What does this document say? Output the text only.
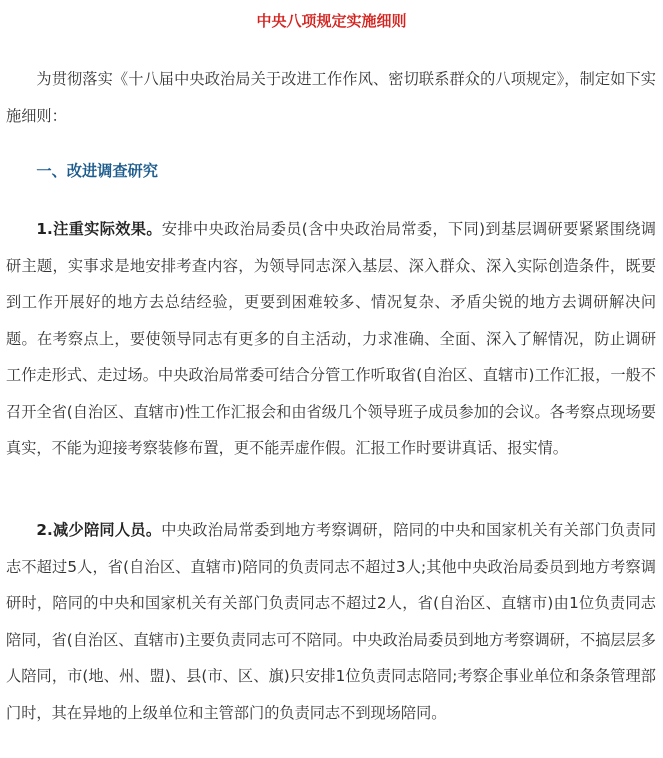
中央八项规定实施细则

为贯彻落实《十八届中央政治局关于改进工作作风、密切联系群众的八项规定》，制定如下实施细则：

一、改进调查研究

1.注重实际效果。安排中央政治局委员(含中央政治局常委，下同)到基层调研要紧紧围绕调研主题，实事求是地安排考查内容，为领导同志深入基层、深入群众、深入实际创造条件，既要到工作开展好的地方去总结经验，更要到困难较多、情况复杂、矛盾尖锐的地方去调研解决问题。在考察点上，要使领导同志有更多的自主活动，力求准确、全面、深入了解情况，防止调研工作走形式、走过场。中央政治局常委可结合分管工作听取省(自治区、直辖市)工作汇报，一般不召开全省(自治区、直辖市)性工作汇报会和由省级几个领导班子成员参加的会议。各考察点现场要真实，不能为迎接考察装修布置，更不能弄虚作假。汇报工作时要讲真话、报实情。

2.减少陪同人员。中央政治局常委到地方考察调研，陪同的中央和国家机关有关部门负责同志不超过5人，省(自治区、直辖市)陪同的负责同志不超过3人;其他中央政治局委员到地方考察调研时，陪同的中央和国家机关有关部门负责同志不超过2人，省(自治区、直辖市)由1位负责同志陪同，省(自治区、直辖市)主要负责同志可不陪同。中央政治局委员到地方考察调研，不搞层层多人陪同，市(地、州、盟)、县(市、区、旗)只安排1位负责同志陪同;考察企事业单位和条条管理部门时，其在异地的上级单位和主管部门的负责同志不到现场陪同。
